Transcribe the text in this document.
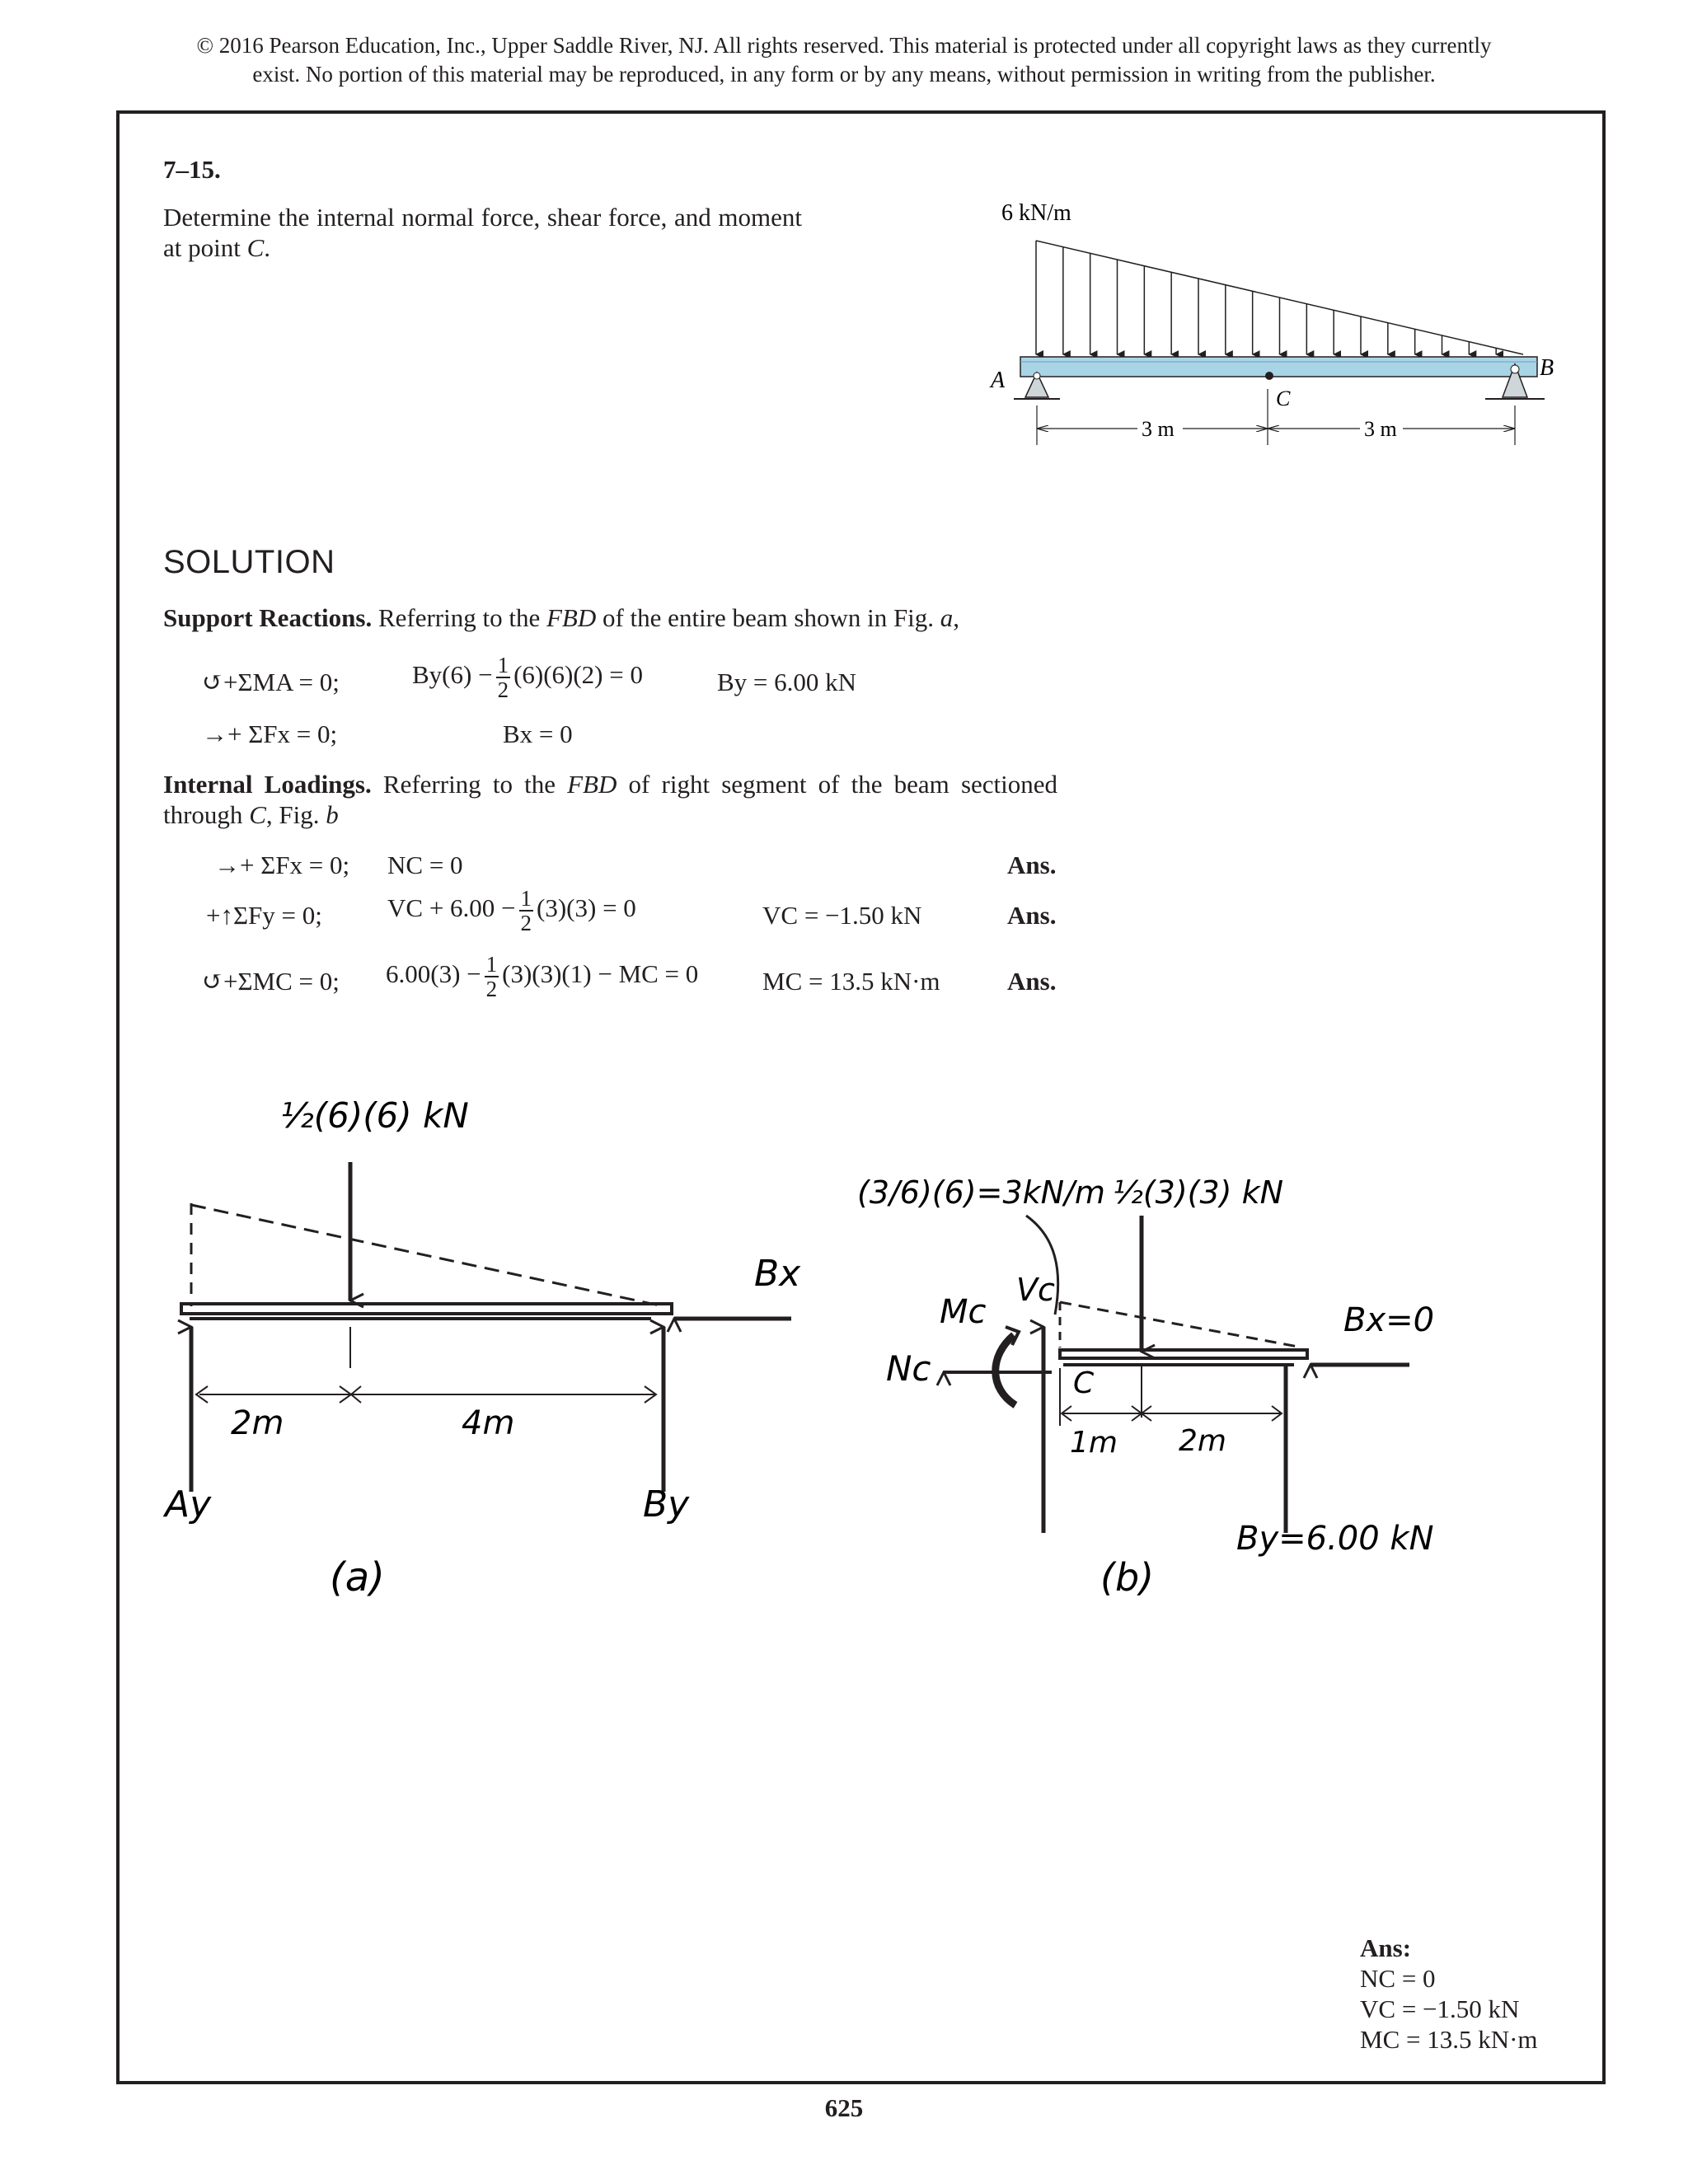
© 2016 Pearson Education, Inc., Upper Saddle River, NJ. All rights reserved. This material is protected under all copyright laws as they currently
exist. No portion of this material may be reproduced, in any form or by any means, without permission in writing from the publisher.
7–15.
Determine the internal normal force, shear force, and moment at point C.
6 kN/m
A	B
C
3 m	3 m
SOLUTION
Support Reactions. Referring to the FBD of the entire beam shown in Fig. a,
↺+ΣMA = 0;	$By(6) - \frac{1}{2} (6)(6)(2) = 0$	By = 6.00 kN
→+ ΣFx = 0;	Bx = 0
Internal Loadings. Referring to the FBD of right segment of the beam sectioned through C, Fig. b
→+ ΣFx = 0; NC = 0	Ans.
+↑ΣFy = 0;	VC + $6.00 - \frac{1}{2} (3)(3) = 0$	VC = −1.50 kN	Ans.
↺+ΣMC = 0; $6.00(3) - \frac{1}{2} (3)(3)(1)$ − MC = 0	MC = 13.5 kN·m	Ans.
½(6)(6) kN
Bx
2m	4m
Ay	By
(a)
(3/6)(6)=3kN/m ½(3)(3) kN
Bx=0
Mc
Vc
Nc	C
1m 2m
By=6.00 kN
(b)
Ans:
NC = 0
VC = −1.50 kN
MC = 13.5 kN·m
625
